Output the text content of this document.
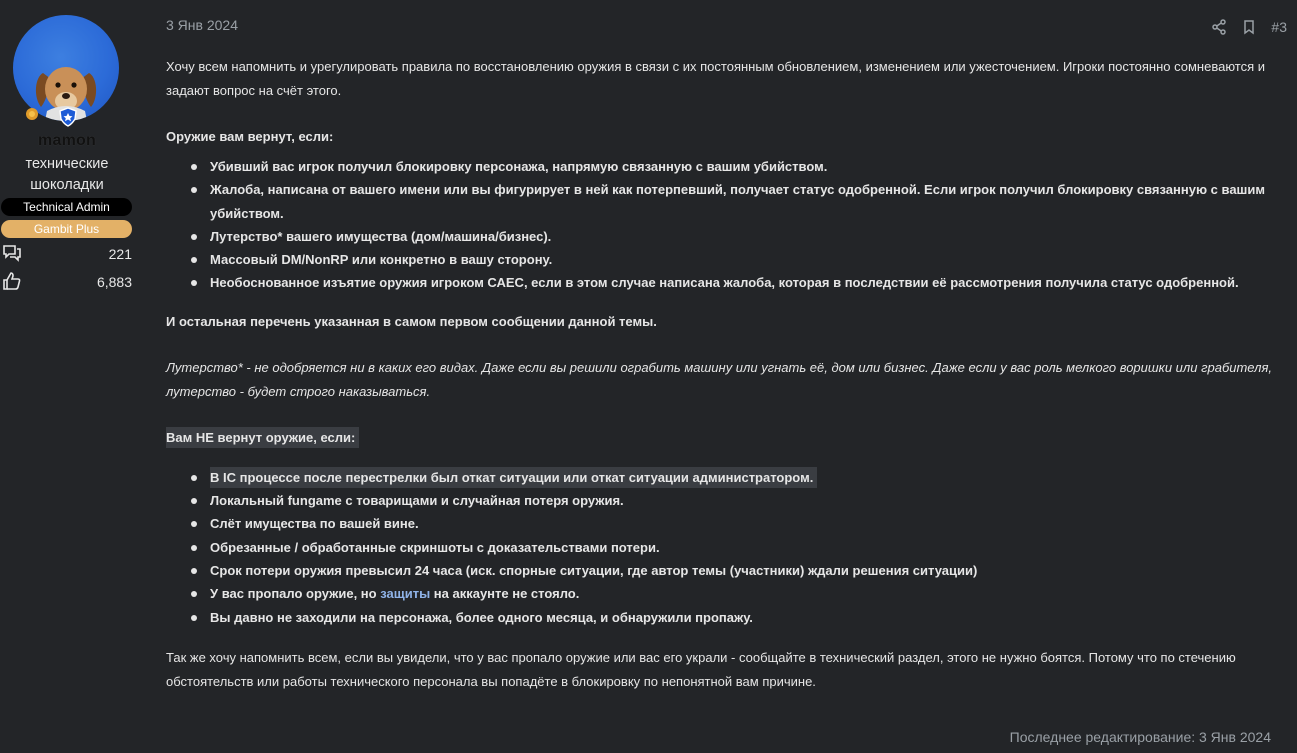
mamon
технические шоколадки
Technical Admin
Gambit Plus
221
6,883
3 Янв 2024	#3

Хочу всем напомнить и урегулировать правила по восстановлению оружия в связи с их постоянным обновлением, изменением или ужесточением. Игроки постоянно сомневаются и задают вопрос на счёт этого.

Оружие вам вернут, если:

Убивший вас игрок получил блокировку персонажа, напрямую связанную с вашим убийством.
Жалоба, написана от вашего имени или вы фигурирует в ней как потерпевший, получает статус одобренной. Если игрок получил блокировку связанную с вашим убийством.
Лутерство* вашего имущества (дом/машина/бизнес).
Массовый DM/NonRP или конкретно в вашу сторону.
Необоснованное изъятие оружия игроком САЕС, если в этом случае написана жалоба, которая в последствии её рассмотрения получила статус одобренной.

И остальная перечень указанная в самом первом сообщении данной темы.

Лутерство* - не одобряется ни в каких его видах. Даже если вы решили ограбить машину или угнать её, дом или бизнес. Даже если у вас роль мелкого воришки или грабителя, лутерство - будет строго наказываться.

Вам НЕ вернут оружие, если:

В IC процессе после перестрелки был откат ситуации или откат ситуации администратором.
Локальный fungame с товарищами и случайная потеря оружия.
Слёт имущества по вашей вине.
Обрезанные / обработанные скриншоты с доказательствами потери.
Срок потери оружия превысил 24 часа (иск. спорные ситуации, где автор темы (участники) ждали решения ситуации)
У вас пропало оружие, но защиты на аккаунте не стояло.
Вы давно не заходили на персонажа, более одного месяца, и обнаружили пропажу.

Так же хочу напомнить всем, если вы увидели, что у вас пропало оружие или вас его украли - сообщайте в технический раздел, этого не нужно боятся. Потому что по стечению обстоятельств или работы технического персонала вы попадёте в блокировку по непонятной вам причине.

Последнее редактирование: 3 Янв 2024
